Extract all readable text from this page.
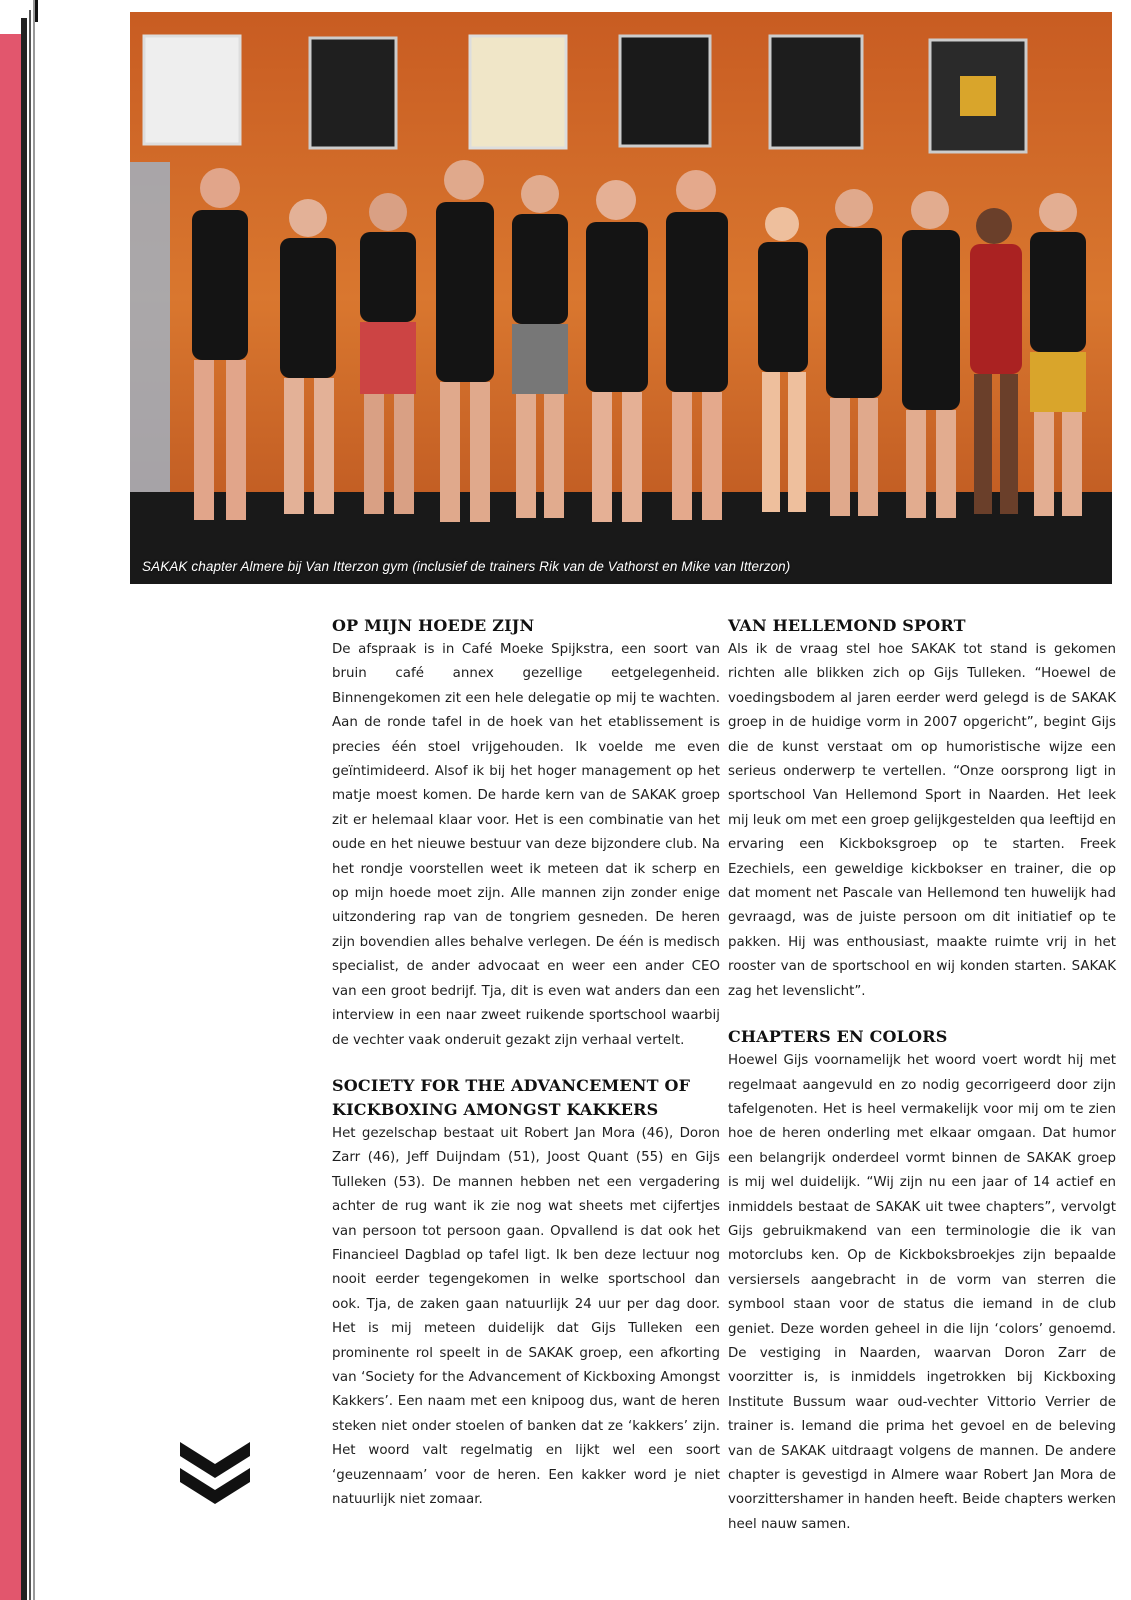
SAKAK chapter Almere bij Van Itterzon gym (inclusief de trainers Rik van de Vathorst en Mike van Itterzon)
OP MIJN HOEDE ZIJN

De afspraak is in Café Moeke Spijkstra, een soort van bruin café annex gezellige eetgelegenheid. Binnengekomen zit een hele delegatie op mij te wachten. Aan de ronde tafel in de hoek van het etablissement is precies één stoel vrijgehouden. Ik voelde me even geïntimideerd. Alsof ik bij het hoger management op het matje moest komen. De harde kern van de SAKAK groep zit er helemaal klaar voor. Het is een combinatie van het oude en het nieuwe bestuur van deze bijzondere club. Na het rondje voorstellen weet ik meteen dat ik scherp en op mijn hoede moet zijn. Alle mannen zijn zonder enige uitzondering rap van de tongriem gesneden. De heren zijn bovendien alles behalve verlegen. De één is medisch specialist, de ander advocaat en weer een ander CEO van een groot bedrijf. Tja, dit is even wat anders dan een interview in een naar zweet ruikende sportschool waarbij de vechter vaak onderuit gezakt zijn verhaal vertelt.

SOCIETY FOR THE ADVANCEMENT OF KICKBOXING AMONGST KAKKERS

Het gezelschap bestaat uit Robert Jan Mora (46), Doron Zarr (46), Jeff Duijndam (51), Joost Quant (55) en Gijs Tulleken (53). De mannen hebben net een vergadering achter de rug want ik zie nog wat sheets met cijfertjes van persoon tot persoon gaan. Opvallend is dat ook het Financieel Dagblad op tafel ligt. Ik ben deze lectuur nog nooit eerder tegengekomen in welke sportschool dan ook. Tja, de zaken gaan natuurlijk 24 uur per dag door. Het is mij meteen duidelijk dat Gijs Tulleken een prominente rol speelt in de SAKAK groep, een afkorting van ‘Society for the Advancement of Kickboxing Amongst Kakkers’. Een naam met een knipoog dus, want de heren steken niet onder stoelen of banken dat ze ‘kakkers’ zijn. Het woord valt regelmatig en lijkt wel een soort ‘geuzennaam’ voor de heren. Een kakker word je niet natuurlijk niet zomaar.

VAN HELLEMOND SPORT

Als ik de vraag stel hoe SAKAK tot stand is gekomen richten alle blikken zich op Gijs Tulleken. “Hoewel de voedingsbodem al jaren eerder werd gelegd is de SAKAK groep in de huidige vorm in 2007 opgericht”, begint Gijs die de kunst verstaat om op humoristische wijze een serieus onderwerp te vertellen. “Onze oorsprong ligt in sportschool Van Hellemond Sport in Naarden. Het leek mij leuk om met een groep gelijkgestelden qua leeftijd en ervaring een Kickboksgroep op te starten. Freek Ezechiels, een geweldige kickbokser en trainer, die op dat moment net Pascale van Hellemond ten huwelijk had gevraagd, was de juiste persoon om dit initiatief op te pakken. Hij was enthousiast, maakte ruimte vrij in het rooster van de sportschool en wij konden starten. SAKAK zag het levenslicht”.

CHAPTERS EN COLORS

Hoewel Gijs voornamelijk het woord voert wordt hij met regelmaat aangevuld en zo nodig gecorrigeerd door zijn tafelgenoten. Het is heel vermakelijk voor mij om te zien hoe de heren onderling met elkaar omgaan. Dat humor een belangrijk onderdeel vormt binnen de SAKAK groep is mij wel duidelijk. “Wij zijn nu een jaar of 14 actief en inmiddels bestaat de SAKAK uit twee chapters”, vervolgt Gijs gebruikmakend van een terminologie die ik van motorclubs ken. Op de Kickboksbroekjes zijn bepaalde versiersels aangebracht in de vorm van sterren die symbool staan voor de status die iemand in de club geniet. Deze worden geheel in die lijn ‘colors’ genoemd. De vestiging in Naarden, waarvan Doron Zarr de voorzitter is, is inmiddels ingetrokken bij Kickboxing Institute Bussum waar oud-vechter Vittorio Verrier de trainer is. Iemand die prima het gevoel en de beleving van de SAKAK uitdraagt volgens de mannen. De andere chapter is gevestigd in Almere waar Robert Jan Mora de voorzittershamer in handen heeft. Beide chapters werken heel nauw samen.
